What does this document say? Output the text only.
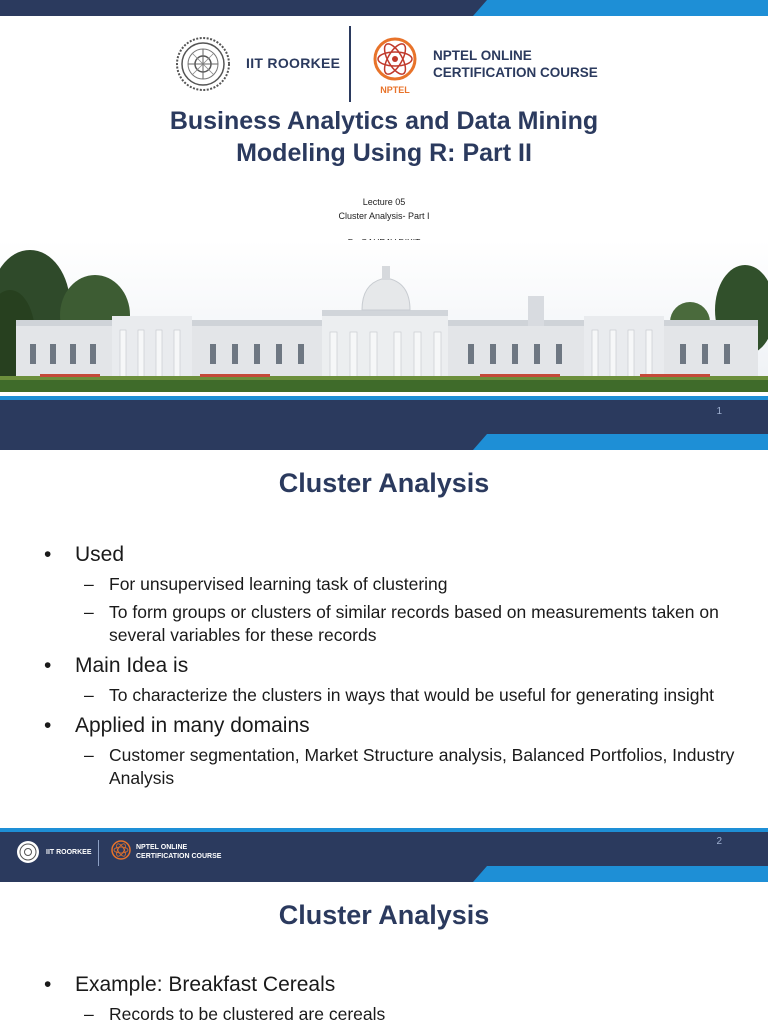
IIT ROORKEE
NPTEL
NPTEL ONLINE
CERTIFICATION COURSE
Business Analytics and Data Mining
Modeling Using R: Part II
Lecture 05
Cluster Analysis- Part I
1
Cluster Analysis
• Used
– For unsupervised learning task of clustering
– To form groups or clusters of similar records based on measurements taken on several variables for these records
• Main Idea is
– To characterize the clusters in ways that would be useful for generating insight
• Applied in many domains
– Customer segmentation, Market Structure analysis, Balanced Portfolios, Industry Analysis
IIT ROORKEE
NPTEL ONLINE
CERTIFICATION COURSE
2
Cluster Analysis
• Example: Breakfast Cereals
– Records to be clustered are cereals
